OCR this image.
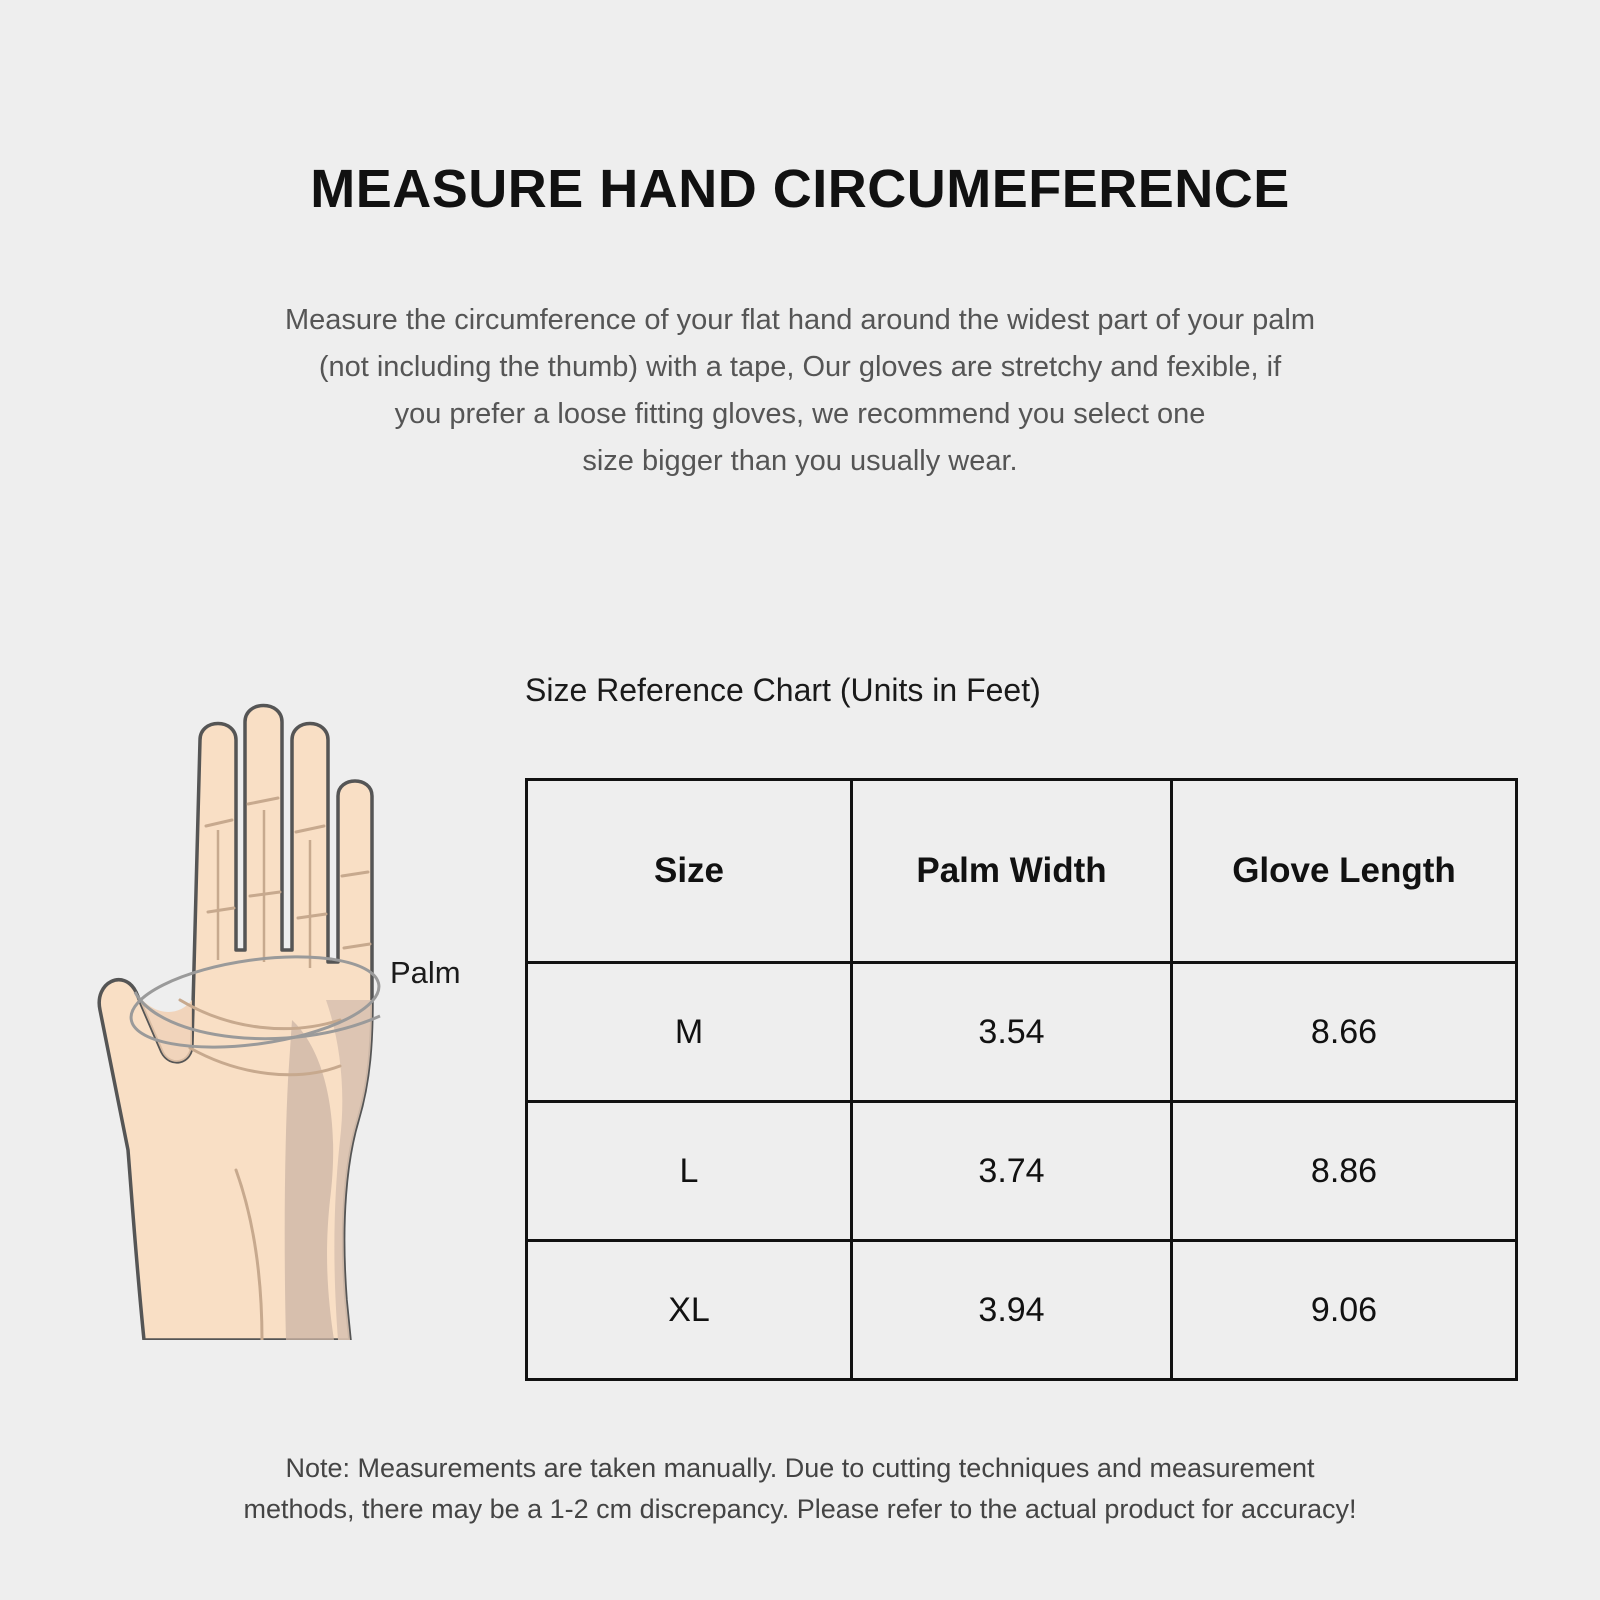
MEASURE HAND CIRCUMEFERENCE
Measure the circumference of your flat hand around the widest part of your palm
(not including the thumb) with a tape, Our gloves are stretchy and fexible, if
you prefer a loose fitting gloves, we recommend you select one
size bigger than you usually wear.
Size Reference Chart (Units in Feet)
Palm
Size	Palm Width	Glove Length
M	3.54	8.66
L	3.74	8.86
XL	3.94	9.06
Note: Measurements are taken manually. Due to cutting techniques and measurement
methods, there may be a 1-2 cm discrepancy. Please refer to the actual product for accuracy!
